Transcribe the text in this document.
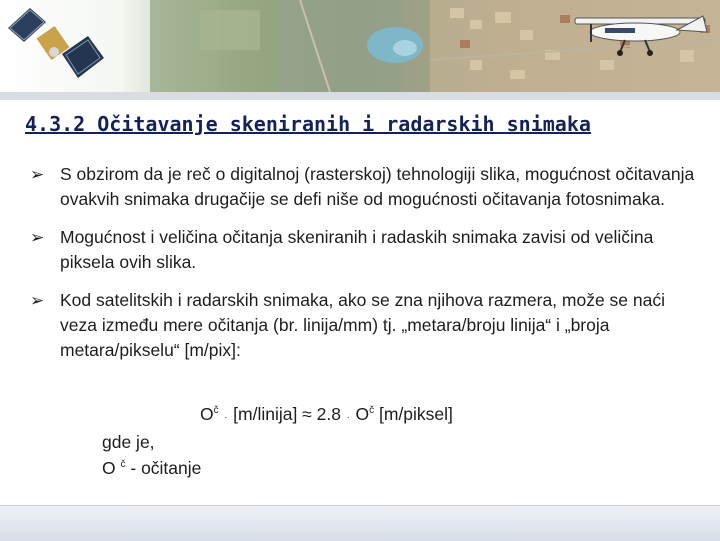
4.3.2 Očitavanje skeniranih i radarskih snimaka
➢ S obzirom da je reč o digitalnoj (rasterskoj) tehnologiji slika, mogućnost očitavanja ovakvih snimaka drugačije se defi niše od mogućnosti očitavanja fotosnimaka.
➢ Mogućnost i veličina očitanja skeniranih i radaskih snimaka zavisi od veličina piksela ovih slika.
➢ Kod satelitskih i radarskih snimaka, ako se zna njihova razmera, može se naći veza između mere očitanja (br. linija/mm) tj. „metara/broju linija“ i „broja metara/pikselu“ [m/pix]:
$O^č$ . [m/linija] ≈ 2.8 . $O^č$ [m/piksel]
gde je,
O $^č$ - očitanje
